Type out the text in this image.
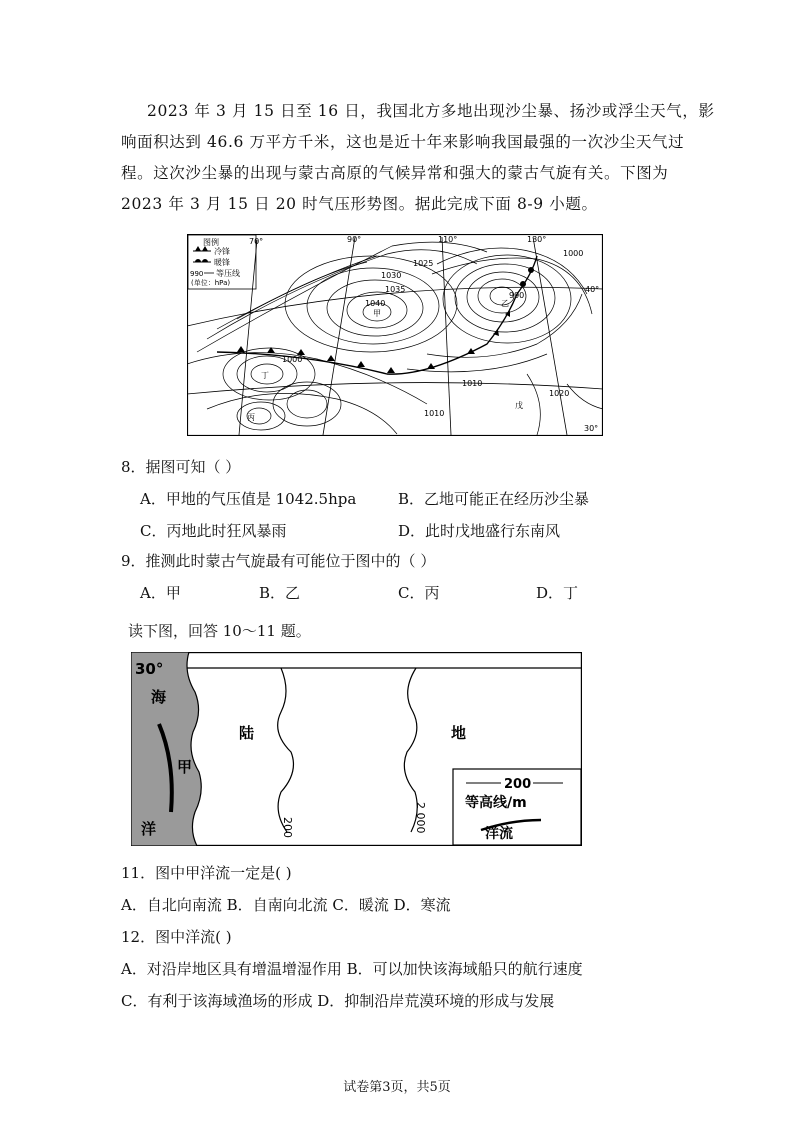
2023 年 3 月 15 日至 16 日，我国北方多地出现沙尘暴、扬沙或浮尘天气，影
响面积达到 46.6 万平方千米，这也是近十年来影响我国最强的一次沙尘天气过
程。这次沙尘暴的出现与蒙古高原的气候异常和强大的蒙古气旋有关。下图为
2023 年 3 月 15 日 20 时气压形势图。据此完成下面 8-9 小题。
图例
冷锋
暖锋
990 等压线
(单位：hPa)
70°	90°	110°	130°
40°
30°
1000
1030
1025
1035
1040
990
1000
1010
1010
1020
甲
乙
丙
丁
戊
8．据图可知（ ）
A．甲地的气压值是 1042.5hpa	B．乙地可能正在经历沙尘暴
C．丙地此时狂风暴雨	D．此时戊地盛行东南风
9．推测此时蒙古气旋最有可能位于图中的（ ）
A．甲	B．乙	C．丙	D．丁
读下图，回答 10～11 题。
30°
海
甲
洋
陆	地
200	2 000
200
等高线/m
洋流
11．图中甲洋流一定是( )
A．自北向南流 B．自南向北流 C．暖流 D．寒流
12．图中洋流( )
A．对沿岸地区具有增温增湿作用 B．可以加快该海域船只的航行速度
C．有利于该海域渔场的形成 D．抑制沿岸荒漠环境的形成与发展
试卷第3页，共5页
